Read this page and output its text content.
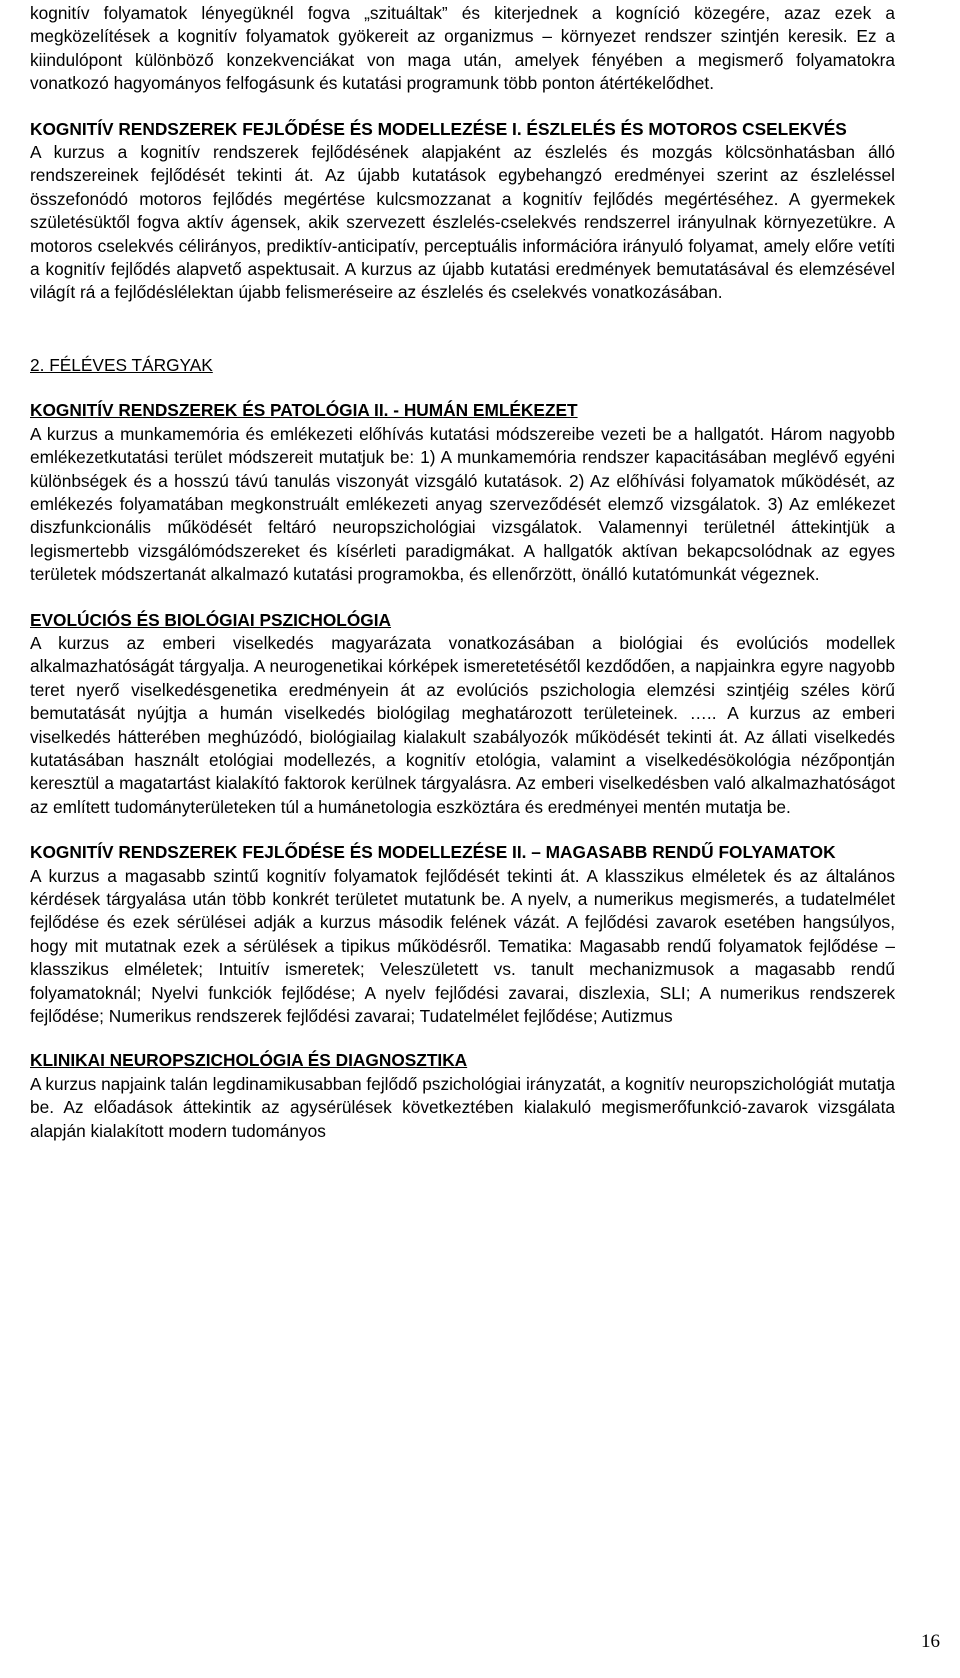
kognitív folyamatok lényegüknél fogva „szituáltak” és kiterjednek a kogníció közegére, azaz ezek a megközelítések a kognitív folyamatok gyökereit az organizmus – környezet rendszer szintjén keresik. Ez a kiindulópont különböző konzekvenciákat von maga után, amelyek fényében a megismerő folyamatokra vonatkozó hagyományos felfogásunk és kutatási programunk több ponton átértékelődhet.

KOGNITÍV RENDSZEREK FEJLŐDÉSE ÉS MODELLEZÉSE I. ÉSZLELÉS ÉS MOTOROS CSELEKVÉS

A kurzus a kognitív rendszerek fejlődésének alapjaként az észlelés és mozgás kölcsönhatásban álló rendszereinek fejlődését tekinti át. Az újabb kutatások egybehangzó eredményei szerint az észleléssel összefonódó motoros fejlődés megértése kulcsmozzanat a kognitív fejlődés megértéséhez. A gyermekek születésüktől fogva aktív ágensek, akik szervezett észlelés-cselekvés rendszerrel irányulnak környezetükre. A motoros cselekvés célirányos, prediktív-anticipatív, perceptuális információra irányuló folyamat, amely előre vetíti a kognitív fejlődés alapvető aspektusait. A kurzus az újabb kutatási eredmények bemutatásával és elemzésével világít rá a fejlődéslélektan újabb felismeréseire az észlelés és cselekvés vonatkozásában.

2. FÉLÉVES TÁRGYAK
KOGNITÍV RENDSZEREK ÉS PATOLÓGIA II. - HUMÁN EMLÉKEZET

A kurzus a munkamemória és emlékezeti előhívás kutatási módszereibe vezeti be a hallgatót. Három nagyobb emlékezetkutatási terület módszereit mutatjuk be: 1) A munkamemória rendszer kapacitásában meglévő egyéni különbségek és a hosszú távú tanulás viszonyát vizsgáló kutatások. 2) Az előhívási folyamatok működését, az emlékezés folyamatában megkonstruált emlékezeti anyag szerveződését elemző vizsgálatok. 3) Az emlékezet diszfunkcionális működését feltáró neuropszichológiai vizsgálatok. Valamennyi területnél áttekintjük a legismertebb vizsgálómódszereket és kísérleti paradigmákat. A hallgatók aktívan bekapcsolódnak az egyes területek módszertanát alkalmazó kutatási programokba, és ellenőrzött, önálló kutatómunkát végeznek.

EVOLÚCIÓS ÉS BIOLÓGIAI PSZICHOLÓGIA

A kurzus az emberi viselkedés magyarázata vonatkozásában a biológiai és evolúciós modellek alkalmazhatóságát tárgyalja. A neurogenetikai kórképek ismeretetésétől kezdődően, a napjainkra egyre nagyobb teret nyerő viselkedésgenetika eredményein át az evolúciós pszichologia elemzési szintjéig széles körű bemutatását nyújtja a humán viselkedés biológilag meghatározott területeinek. ….. A kurzus az emberi viselkedés hátterében meghúzódó, biológiailag kialakult szabályozók működését tekinti át. Az állati viselkedés kutatásában használt etológiai modellezés, a kognitív etológia, valamint a viselkedésökológia nézőpontján keresztül a magatartást kialakító faktorok kerülnek tárgyalásra. Az emberi viselkedésben való alkalmazhatóságot az említett tudományterületeken túl a humánetologia eszköztára és eredményei mentén mutatja be.

KOGNITÍV RENDSZEREK FEJLŐDÉSE ÉS MODELLEZÉSE II. – MAGASABB RENDŰ FOLYAMATOK

A kurzus a magasabb szintű kognitív folyamatok fejlődését tekinti át. A klasszikus elméletek és az általános kérdések tárgyalása után több konkrét területet mutatunk be. A nyelv, a numerikus megismerés, a tudatelmélet fejlődése és ezek sérülései adják a kurzus második felének vázát. A fejlődési zavarok esetében hangsúlyos, hogy mit mutatnak ezek a sérülések a tipikus működésről. Tematika: Magasabb rendű folyamatok fejlődése – klasszikus elméletek; Intuitív ismeretek; Veleszületett vs. tanult mechanizmusok a magasabb rendű folyamatoknál; Nyelvi funkciók fejlődése; A nyelv fejlődési zavarai, diszlexia, SLI; A numerikus rendszerek fejlődése; Numerikus rendszerek fejlődési zavarai; Tudatelmélet fejlődése; Autizmus

KLINIKAI NEUROPSZICHOLÓGIA ÉS DIAGNOSZTIKA

A kurzus napjaink talán legdinamikusabban fejlődő pszichológiai irányzatát, a kognitív neuropszichológiát mutatja be. Az előadások áttekintik az agysérülések következtében kialakuló megismerőfunkció-zavarok vizsgálata alapján kialakított modern tudományos

16
